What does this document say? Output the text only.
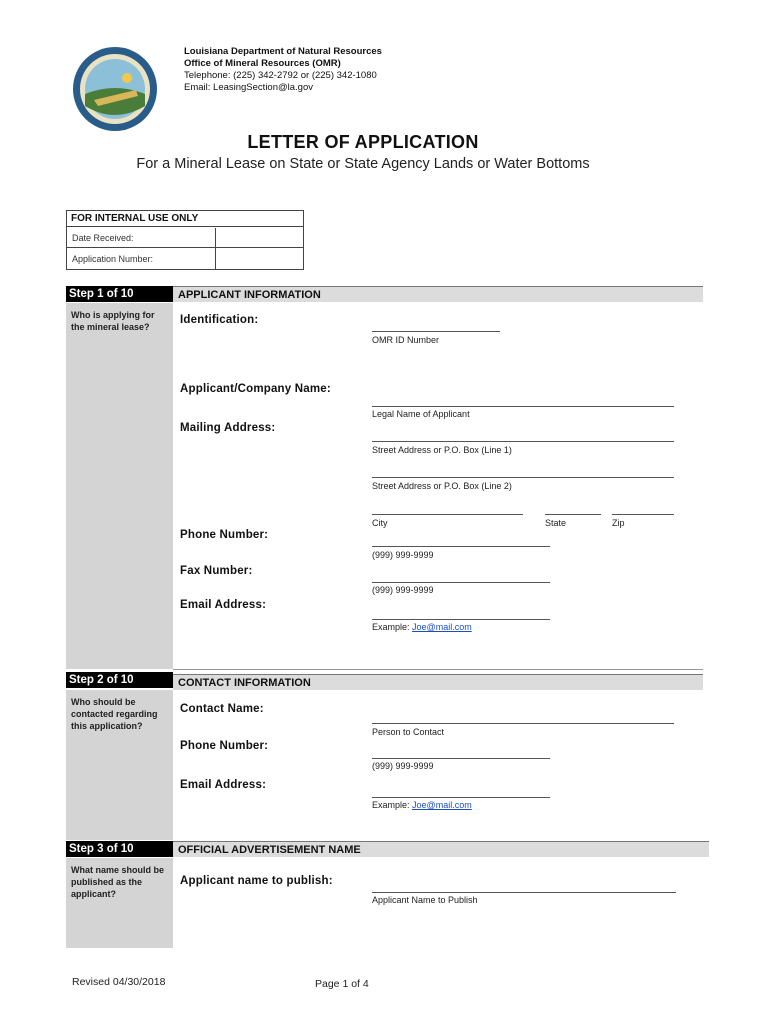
Louisiana Department of Natural Resources
Office of Mineral Resources (OMR)
Telephone: (225) 342-2792 or (225) 342-1080
Email: LeasingSection@la.gov
LETTER OF APPLICATION
For a Mineral Lease on State or State Agency Lands or Water Bottoms
FOR INTERNAL USE ONLY
Date Received:
Application Number:
Step 1 of 10	APPLICANT INFORMATION
Who is applying for the mineral lease?
Identification:
OMR ID Number
Applicant/Company Name:
Legal Name of Applicant
Mailing Address:
Street Address or P.O. Box (Line 1)
Street Address or P.O. Box (Line 2)
City	State	Zip
Phone Number:
(999) 999-9999
Fax Number:
(999) 999-9999
Email Address:
Example: Joe@mail.com
Step 2 of 10	CONTACT INFORMATION
Who should be contacted regarding this application?
Contact Name:
Person to Contact
Phone Number:
(999) 999-9999
Email Address:
Example: Joe@mail.com
Step 3 of 10	OFFICIAL ADVERTISEMENT NAME
What name should be published as the applicant?
Applicant name to publish:
Applicant Name to Publish
Revised 04/30/2018	Page 1 of 4
